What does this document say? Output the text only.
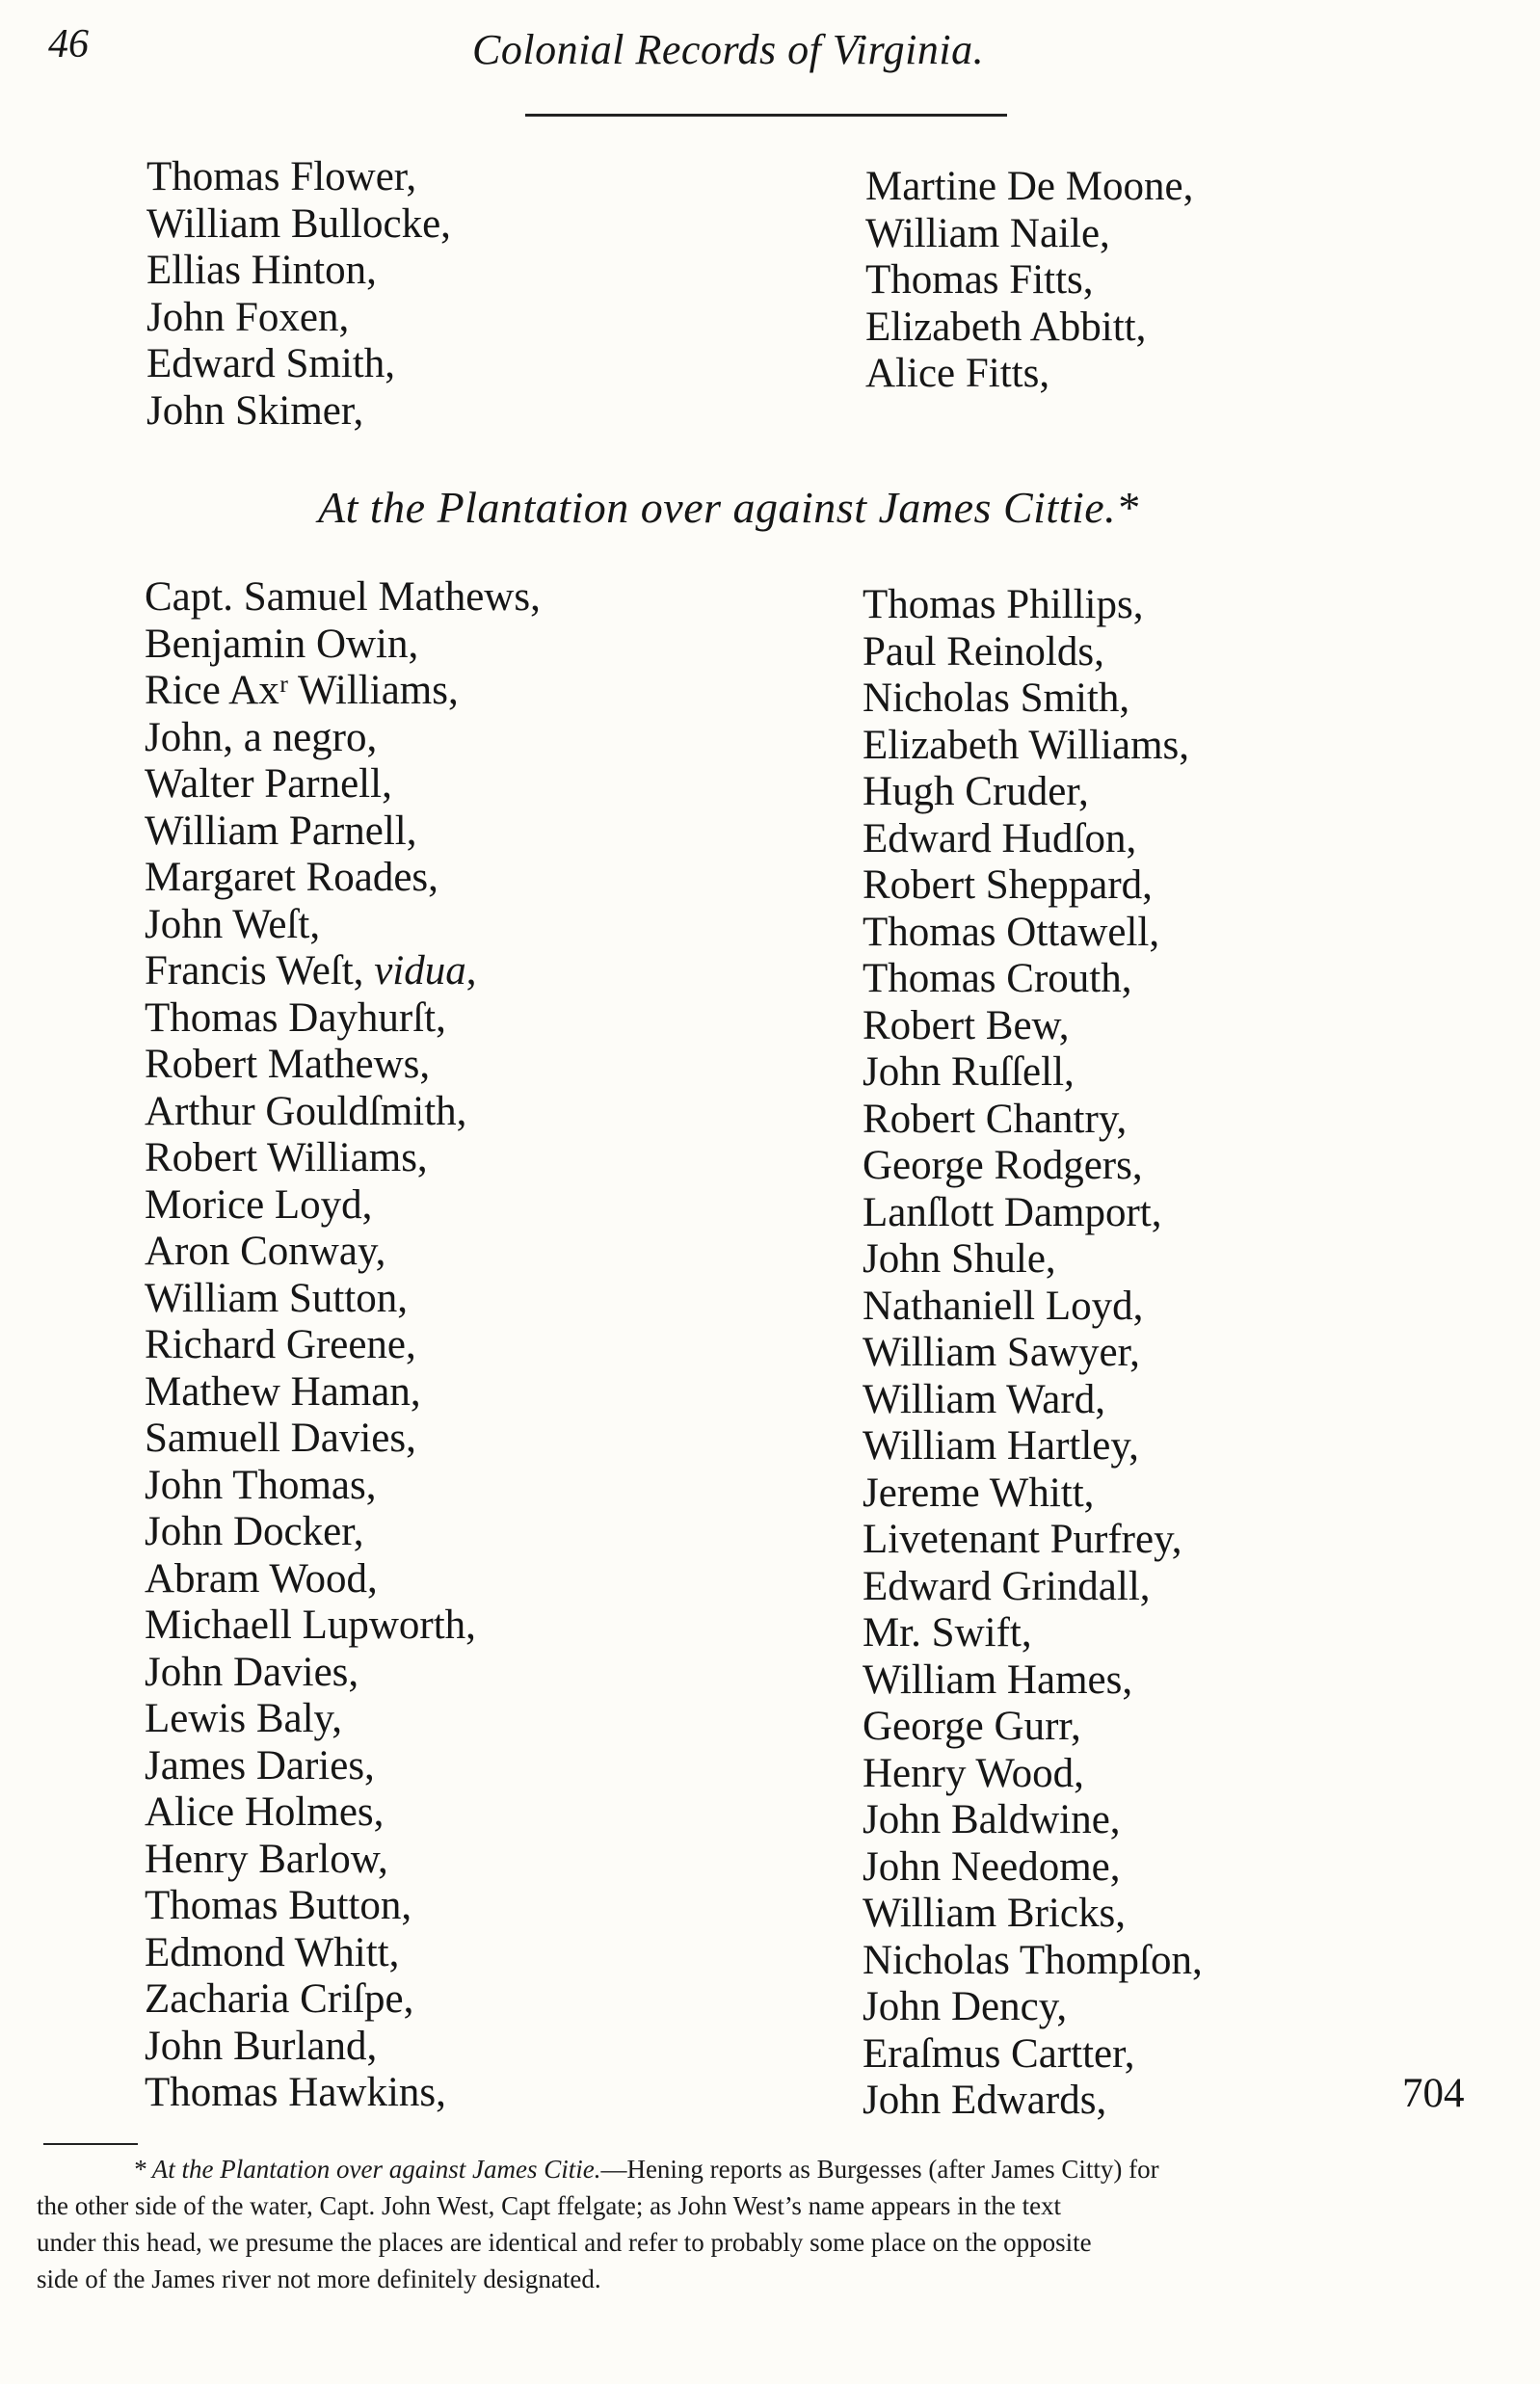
46	Colonial Records of Virginia.
Thomas Flower,
William Bullocke,
Ellias Hinton,
John Foxen,
Edward Smith,
John Skimer,
Martine De Moone,
William Naile,
Thomas Fitts,
Elizabeth Abbitt,
Alice Fitts,
At the Plantation over against James Cittie.*
Capt. Samuel Mathews,
Benjamin Owin,
Rice Axʳ Williams,
John, a negro,
Walter Parnell,
William Parnell,
Margaret Roades,
John Weſt,
Francis Weſt, vidua,
Thomas Dayhurſt,
Robert Mathews,
Arthur Gouldſmith,
Robert Williams,
Morice Loyd,
Aron Conway,
William Sutton,
Richard Greene,
Mathew Haman,
Samuell Davies,
John Thomas,
John Docker,
Abram Wood,
Michaell Lupworth,
John Davies,
Lewis Baly,
James Daries,
Alice Holmes,
Henry Barlow,
Thomas Button,
Edmond Whitt,
Zacharia Criſpe,
John Burland,
Thomas Hawkins,
Thomas Phillips,
Paul Reinolds,
Nicholas Smith,
Elizabeth Williams,
Hugh Cruder,
Edward Hudſon,
Robert Sheppard,
Thomas Ottawell,
Thomas Crouth,
Robert Bew,
John Ruſſell,
Robert Chantry,
George Rodgers,
Lanſlott Damport,
John Shule,
Nathaniell Loyd,
William Sawyer,
William Ward,
William Hartley,
Jereme Whitt,
Livetenant Purfrey,
Edward Grindall,
Mr. Swift,
William Hames,
George Gurr,
Henry Wood,
John Baldwine,
John Needome,
William Bricks,
Nicholas Thompſon,
John Dency,
Eraſmus Cartter,
John Edwards,	704
* At the Plantation over against James Citie.—Hening reports as Burgesses (after James Citty) for
the other side of the water, Capt. John West, Capt ffelgate; as John West’s name appears in the text
under this head, we presume the places are identical and refer to probably some place on the opposite
side of the James river not more definitely designated.
